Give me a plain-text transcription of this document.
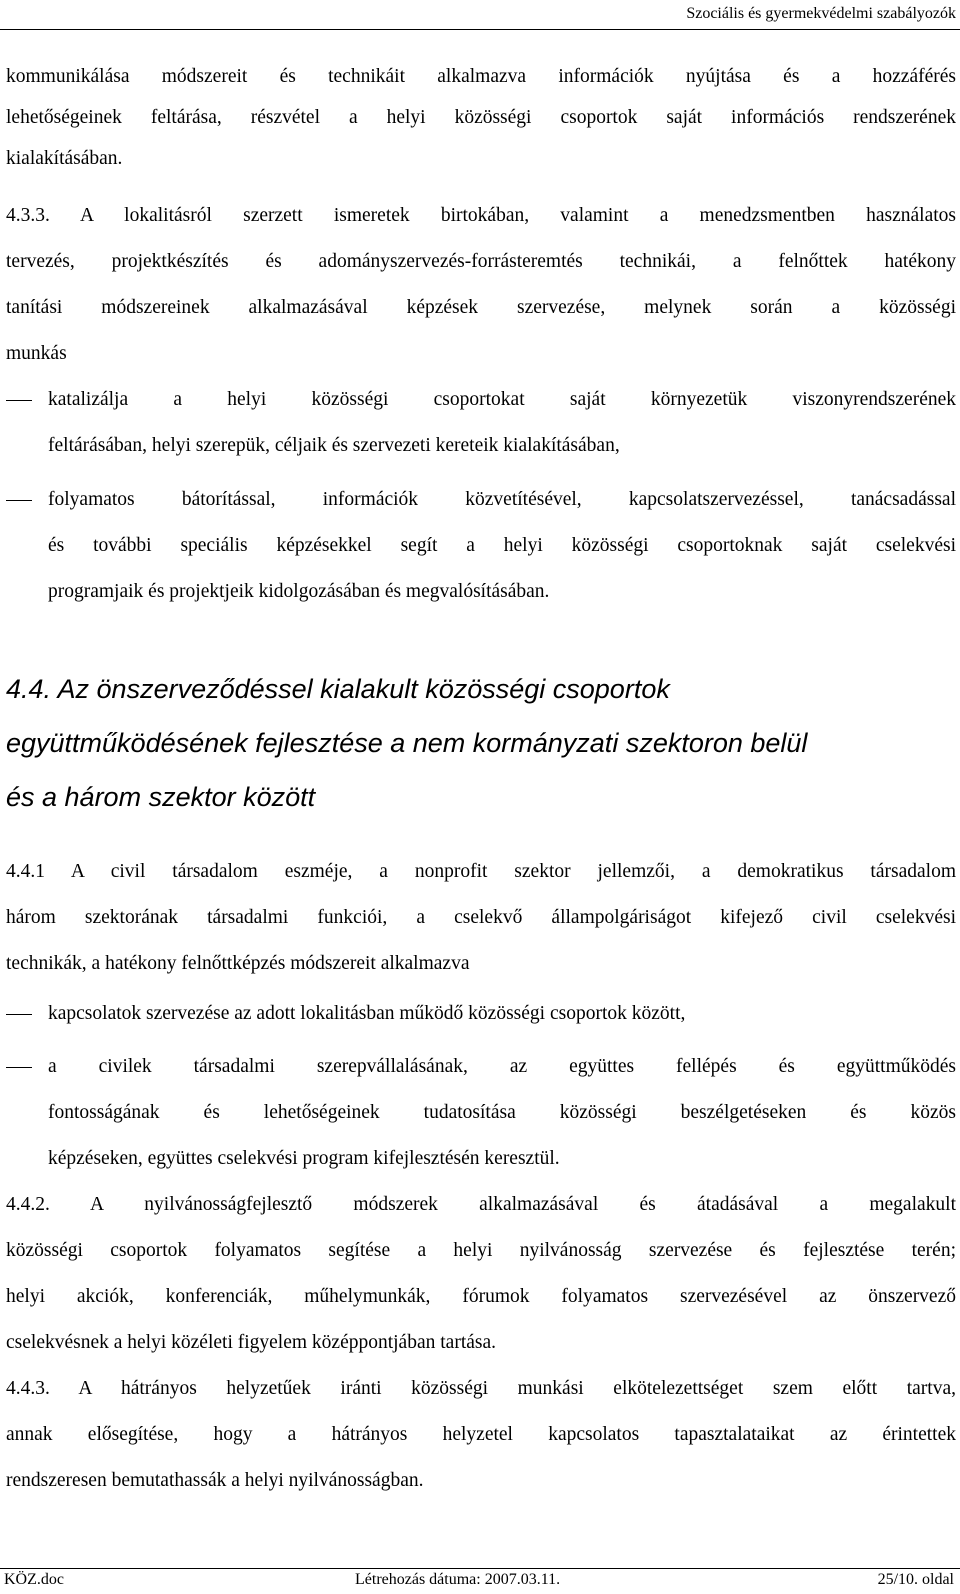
Szociális és gyermekvédelmi szabályozók
kommunikálása módszereit és technikáit alkalmazva információk nyújtása és a hozzáférés
lehetőségeinek feltárása, részvétel a helyi közösségi csoportok saját információs rendszerének
kialakításában.
4.3.3. A lokalitásról szerzett ismeretek birtokában, valamint a menedzsmentben használatos
tervezés, projektkészítés és adományszervezés-forrásteremtés technikái, a felnőttek hatékony
tanítási módszereinek alkalmazásával képzések szervezése, melynek során a közösségi
munkás
katalizálja a helyi közösségi csoportokat saját környezetük viszonyrendszerének
feltárásában, helyi szerepük, céljaik és szervezeti kereteik kialakításában,
folyamatos bátorítással, információk közvetítésével, kapcsolatszervezéssel, tanácsadással
és további speciális képzésekkel segít a helyi közösségi csoportoknak saját cselekvési
programjaik és projektjeik kidolgozásában és megvalósításában.
4.4. Az önszerveződéssel kialakult közösségi csoportok
együttműködésének fejlesztése a nem kormányzati szektoron belül
és a három szektor között
4.4.1 A civil társadalom eszméje, a nonprofit szektor jellemzői, a demokratikus társadalom
három szektorának társadalmi funkciói, a cselekvő állampolgáriságot kifejező civil cselekvési
technikák, a hatékony felnőttképzés módszereit alkalmazva
kapcsolatok szervezése az adott lokalitásban működő közösségi csoportok között,
a civilek társadalmi szerepvállalásának, az együttes fellépés és együttműködés
fontosságának és lehetőségeinek tudatosítása közösségi beszélgetéseken és közös
képzéseken, együttes cselekvési program kifejlesztésén keresztül.
4.4.2. A nyilvánosságfejlesztő módszerek alkalmazásával és átadásával a megalakult
közösségi csoportok folyamatos segítése a helyi nyilvánosság szervezése és fejlesztése terén;
helyi akciók, konferenciák, műhelymunkák, fórumok folyamatos szervezésével az önszervező
cselekvésnek a helyi közéleti figyelem középpontjában tartása.
4.4.3. A hátrányos helyzetűek iránti közösségi munkási elkötelezettséget szem előtt tartva,
annak elősegítése, hogy a hátrányos helyzetel kapcsolatos tapasztalataikat az érintettek
rendszeresen bemutathassák a helyi nyilvánosságban.
KÖZ.doc	Létrehozás dátuma: 2007.03.11.	25/10. oldal
